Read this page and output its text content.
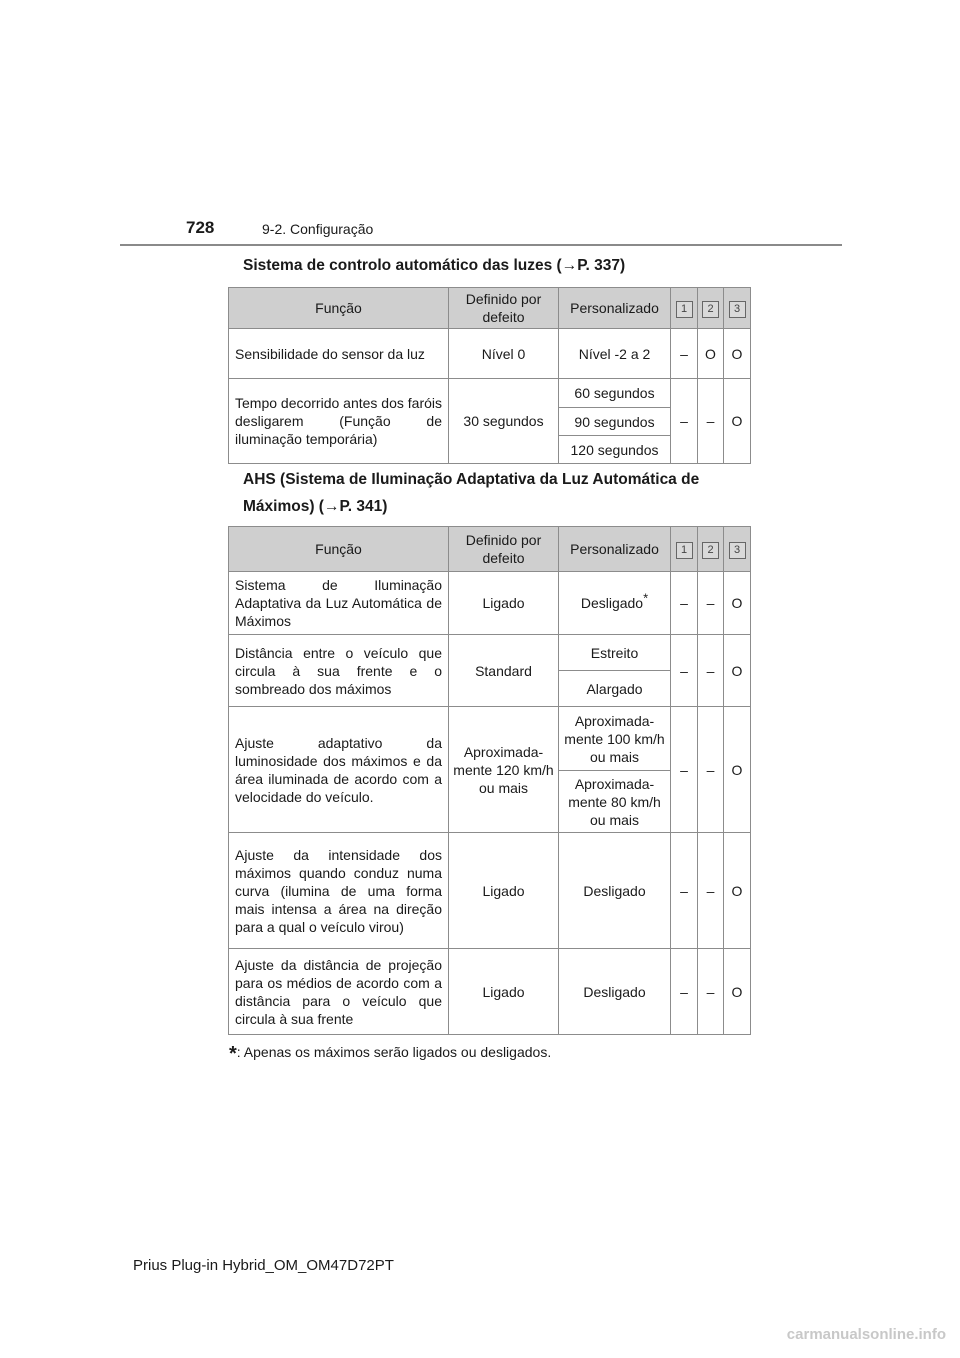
728	9-2. Configuração
Sistema de controlo automático das luzes (→P. 337)
Função	Definido por defeito	Personalizado	1	2	3
Sensibilidade do sensor da luz	Nível 0	Nível -2 a 2	–	O	O
Tempo decorrido antes dos faróis desligarem (Função de iluminação temporária)	30 segundos	60 segundos	–	–	O
		90 segundos			
		120 segundos			
AHS (Sistema de Iluminação Adaptativa da Luz Automática de
Máximos) (→P. 341)
Função	Definido por defeito	Personalizado	1	2	3
Sistema de Iluminação Adaptativa da Luz Automática de Máximos	Ligado	Desligado*	–	–	O
Distância entre o veículo que circula à sua frente e o sombreado dos máximos	Standard	Estreito	–	–	O
		Alargado			
Ajuste adaptativo da luminosidade dos máximos e da área iluminada de acordo com a velocidade do veículo.	Aproximada-mente 120 km/h ou mais	Aproximada-mente 100 km/h ou mais	–	–	O
		Aproximada-mente 80 km/h ou mais			
Ajuste da intensidade dos máximos quando conduz numa curva (ilumina de uma forma mais intensa a área na direção para a qual o veículo virou)	Ligado	Desligado	–	–	O
Ajuste da distância de projeção para os médios de acordo com a distância para o veículo que circula à sua frente	Ligado	Desligado	–	–	O
*: Apenas os máximos serão ligados ou desligados.
Prius Plug-in Hybrid_OM_OM47D72PT
carmanualsonline.info
